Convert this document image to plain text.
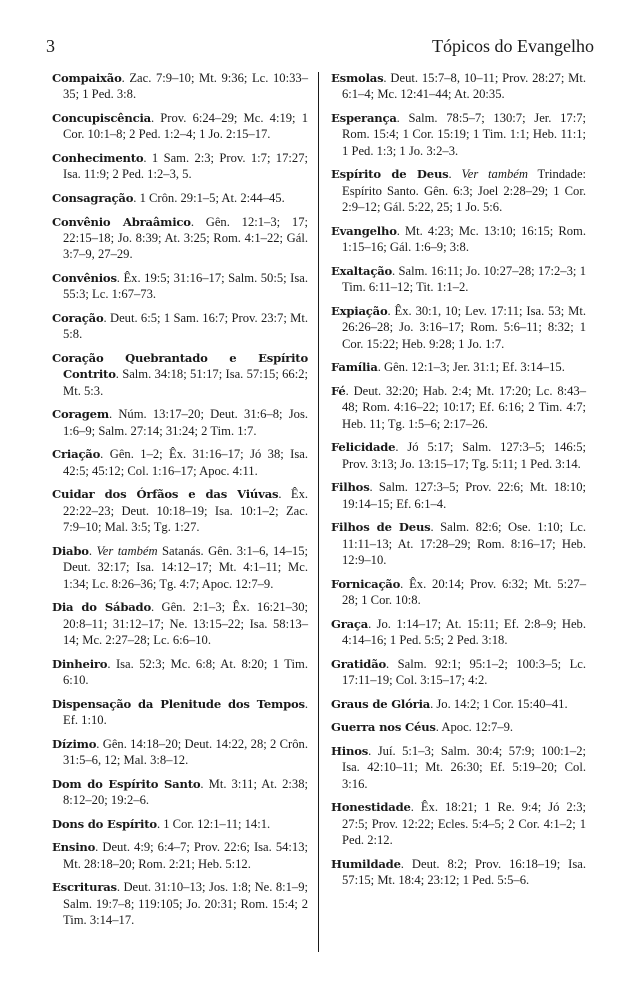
3	Tópicos do Evangelho

Compaixão. Zac. 7:9–10; Mt. 9:36; Lc. 10:33–35; 1 Ped. 3:8.

Concupiscência. Prov. 6:24–29; Mc. 4:19; 1 Cor. 10:1–8; 2 Ped. 1:2–4; 1 Jo. 2:15–17.

Conhecimento. 1 Sam. 2:3; Prov. 1:7; 17:27; Isa. 11:9; 2 Ped. 1:2–3, 5.

Consagração. 1 Crôn. 29:1–5; At. 2:44–45.

Convênio Abraâmico. Gên. 12:1–3; 17; 22:15–18; Jo. 8:39; At. 3:25; Rom. 4:1–22; Gál. 3:7–9, 27–29.

Convênios. Êx. 19:5; 31:16–17; Salm. 50:5; Isa. 55:3; Lc. 1:67–73.

Coração. Deut. 6:5; 1 Sam. 16:7; Prov. 23:7; Mt. 5:8.

Coração Quebrantado e Espírito Contrito. Salm. 34:18; 51:17; Isa. 57:15; 66:2; Mt. 5:3.

Coragem. Núm. 13:17–20; Deut. 31:6–8; Jos. 1:6–9; Salm. 27:14; 31:24; 2 Tim. 1:7.

Criação. Gên. 1–2; Êx. 31:16–17; Jó 38; Isa. 42:5; 45:12; Col. 1:16–17; Apoc. 4:11.

Cuidar dos Órfãos e das Viúvas. Êx. 22:22–23; Deut. 10:18–19; Isa. 10:1–2; Zac. 7:9–10; Mal. 3:5; Tg. 1:27.

Diabo. Ver também Satanás. Gên. 3:1–6, 14–15; Deut. 32:17; Isa. 14:12–17; Mt. 4:1–11; Mc. 1:34; Lc. 8:26–36; Tg. 4:7; Apoc. 12:7–9.

Dia do Sábado. Gên. 2:1–3; Êx. 16:21–30; 20:8–11; 31:12–17; Ne. 13:15–22; Isa. 58:13–14; Mc. 2:27–28; Lc. 6:6–10.

Dinheiro. Isa. 52:3; Mc. 6:8; At. 8:20; 1 Tim. 6:10.

Dispensação da Plenitude dos Tempos. Ef. 1:10.

Dízimo. Gên. 14:18–20; Deut. 14:22, 28; 2 Crôn. 31:5–6, 12; Mal. 3:8–12.

Dom do Espírito Santo. Mt. 3:11; At. 2:38; 8:12–20; 19:2–6.

Dons do Espírito. 1 Cor. 12:1–11; 14:1.

Ensino. Deut. 4:9; 6:4–7; Prov. 22:6; Isa. 54:13; Mt. 28:18–20; Rom. 2:21; Heb. 5:12.

Escrituras. Deut. 31:10–13; Jos. 1:8; Ne. 8:1–9; Salm. 19:7–8; 119:105; Jo. 20:31; Rom. 15:4; 2 Tim. 3:14–17.

Esmolas. Deut. 15:7–8, 10–11; Prov. 28:27; Mt. 6:1–4; Mc. 12:41–44; At. 20:35.

Esperança. Salm. 78:5–7; 130:7; Jer. 17:7; Rom. 15:4; 1 Cor. 15:19; 1 Tim. 1:1; Heb. 11:1; 1 Ped. 1:3; 1 Jo. 3:2–3.

Espírito de Deus. Ver também Trindade: Espírito Santo. Gên. 6:3; Joel 2:28–29; 1 Cor. 2:9–12; Gál. 5:22, 25; 1 Jo. 5:6.

Evangelho. Mt. 4:23; Mc. 13:10; 16:15; Rom. 1:15–16; Gál. 1:6–9; 3:8.

Exaltação. Salm. 16:11; Jo. 10:27–28; 17:2–3; 1 Tim. 6:11–12; Tit. 1:1–2.

Expiação. Êx. 30:1, 10; Lev. 17:11; Isa. 53; Mt. 26:26–28; Jo. 3:16–17; Rom. 5:6–11; 8:32; 1 Cor. 15:22; Heb. 9:28; 1 Jo. 1:7.

Família. Gên. 12:1–3; Jer. 31:1; Ef. 3:14–15.

Fé. Deut. 32:20; Hab. 2:4; Mt. 17:20; Lc. 8:43–48; Rom. 4:16–22; 10:17; Ef. 6:16; 2 Tim. 4:7; Heb. 11; Tg. 1:5–6; 2:17–26.

Felicidade. Jó 5:17; Salm. 127:3–5; 146:5; Prov. 3:13; Jo. 13:15–17; Tg. 5:11; 1 Ped. 3:14.

Filhos. Salm. 127:3–5; Prov. 22:6; Mt. 18:10; 19:14–15; Ef. 6:1–4.

Filhos de Deus. Salm. 82:6; Ose. 1:10; Lc. 11:11–13; At. 17:28–29; Rom. 8:16–17; Heb. 12:9–10.

Fornicação. Êx. 20:14; Prov. 6:32; Mt. 5:27–28; 1 Cor. 10:8.

Graça. Jo. 1:14–17; At. 15:11; Ef. 2:8–9; Heb. 4:14–16; 1 Ped. 5:5; 2 Ped. 3:18.

Gratidão. Salm. 92:1; 95:1–2; 100:3–5; Lc. 17:11–19; Col. 3:15–17; 4:2.

Graus de Glória. Jo. 14:2; 1 Cor. 15:40–41.

Guerra nos Céus. Apoc. 12:7–9.

Hinos. Juí. 5:1–3; Salm. 30:4; 57:9; 100:1–2; Isa. 42:10–11; Mt. 26:30; Ef. 5:19–20; Col. 3:16.

Honestidade. Êx. 18:21; 1 Re. 9:4; Jó 2:3; 27:5; Prov. 12:22; Ecles. 5:4–5; 2 Cor. 4:1–2; 1 Ped. 2:12.

Humildade. Deut. 8:2; Prov. 16:18–19; Isa. 57:15; Mt. 18:4; 23:12; 1 Ped. 5:5–6.
